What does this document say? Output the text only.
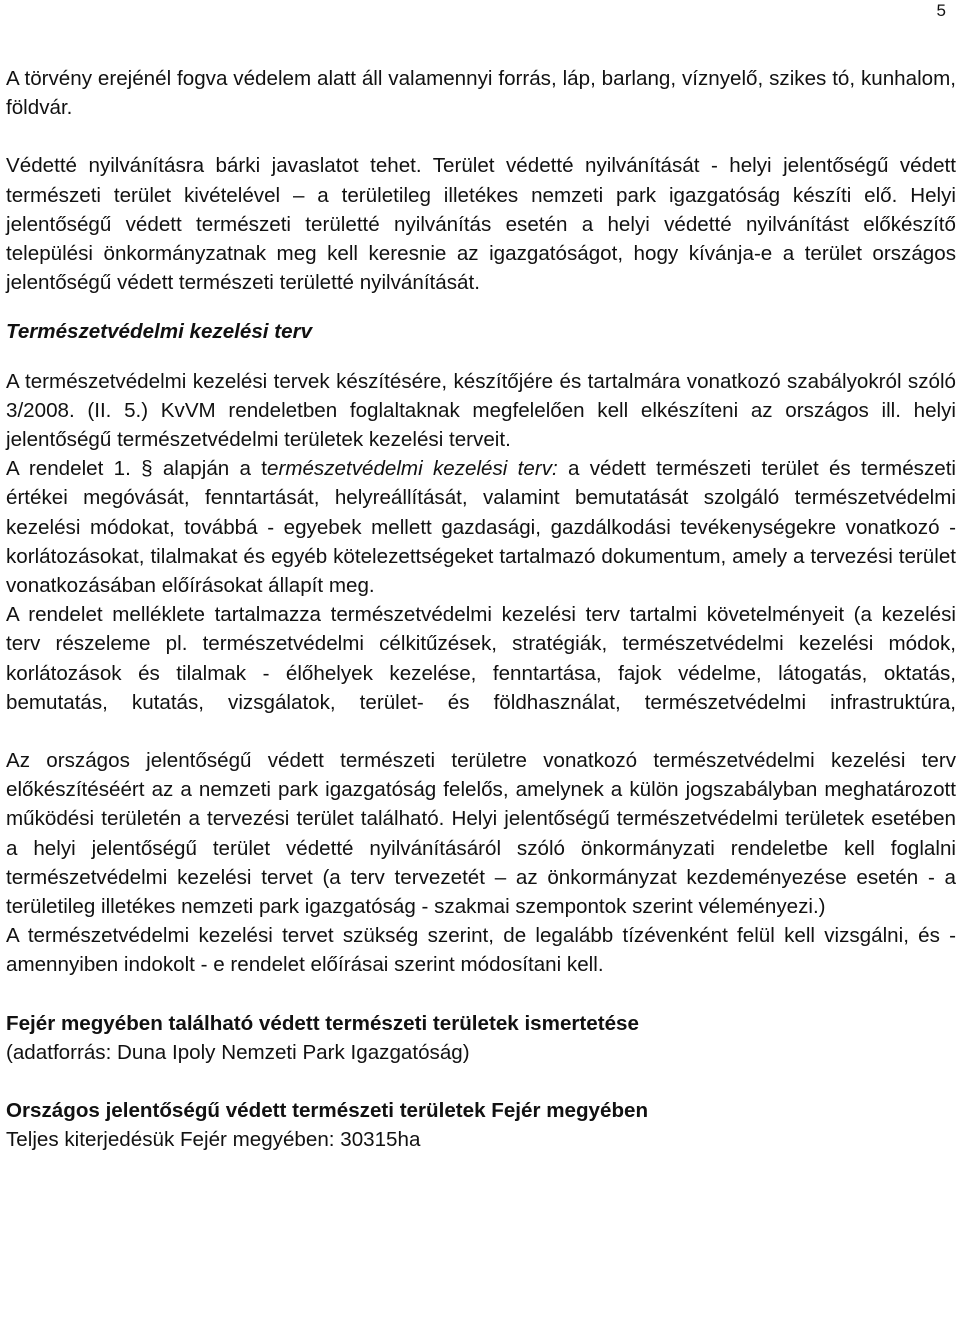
5

A törvény erejénél fogva védelem alatt áll valamennyi forrás, láp, barlang, víznyelő, szikes tó, kunhalom, földvár.

Védetté nyilvánításra bárki javaslatot tehet. Terület védetté nyilvánítását - helyi jelentőségű védett természeti terület kivételével – a területileg illetékes nemzeti park igazgatóság készíti elő. Helyi jelentőségű védett természeti területté nyilvánítás esetén a helyi védetté nyilvánítást előkészítő települési önkormányzatnak meg kell keresnie az igazgatóságot, hogy kívánja-e a terület országos jelentőségű védett természeti területté nyilvánítását.

Természetvédelmi kezelési terv

A természetvédelmi kezelési tervek készítésére, készítőjére és tartalmára vonatkozó szabályokról szóló 3/2008. (II. 5.) KvVM rendeletben foglaltaknak megfelelően kell elkészíteni az országos ill. helyi jelentőségű természetvédelmi területek kezelési terveit.

A rendelet 1. § alapján a természetvédelmi kezelési terv: a védett természeti terület és természeti értékei megóvását, fenntartását, helyreállítását, valamint bemutatását szolgáló természetvédelmi kezelési módokat, továbbá - egyebek mellett gazdasági, gazdálkodási tevékenységekre vonatkozó - korlátozásokat, tilalmakat és egyéb kötelezettségeket tartalmazó dokumentum, amely a tervezési terület vonatkozásában előírásokat állapít meg.

A rendelet melléklete tartalmazza természetvédelmi kezelési terv tartalmi követelményeit (a kezelési terv részeleme pl. természetvédelmi célkitűzések, stratégiák, természetvédelmi kezelési módok, korlátozások és tilalmak - élőhelyek kezelése, fenntartása, fajok védelme, látogatás, oktatás, bemutatás, kutatás, vizsgálatok, terület- és földhasználat, természetvédelmi infrastruktúra,

Az országos jelentőségű védett természeti területre vonatkozó természetvédelmi kezelési terv előkészítéséért az a nemzeti park igazgatóság felelős, amelynek a külön jogszabályban meghatározott működési területén a tervezési terület található. Helyi jelentőségű természetvédelmi területek esetében a helyi jelentőségű terület védetté nyilvánításáról szóló önkormányzati rendeletbe kell foglalni természetvédelmi kezelési tervet (a terv tervezetét – az önkormányzat kezdeményezése esetén - a területileg illetékes nemzeti park igazgatóság - szakmai szempontok szerint véleményezi.)

A természetvédelmi kezelési tervet szükség szerint, de legalább tízévenként felül kell vizsgálni, és - amennyiben indokolt - e rendelet előírásai szerint módosítani kell.

Fejér megyében található védett természeti területek ismertetése

(adatforrás: Duna Ipoly Nemzeti Park Igazgatóság)

Országos jelentőségű védett természeti területek Fejér megyében

Teljes kiterjedésük Fejér megyében: 30315ha
